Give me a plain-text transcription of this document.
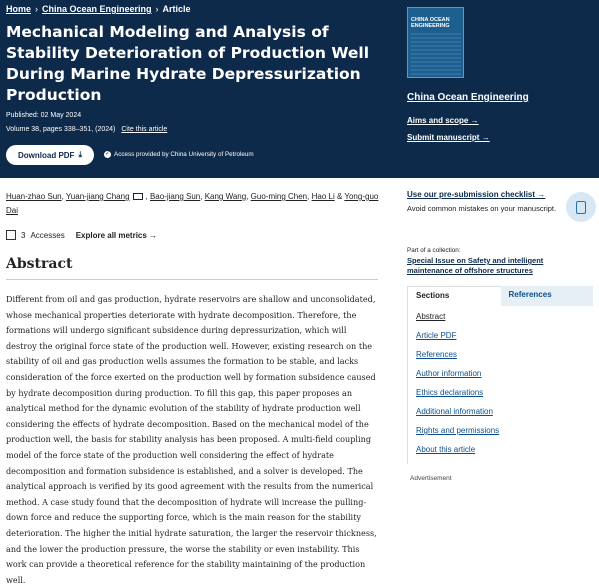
Home › China Ocean Engineering › Article
Mechanical Modeling and Analysis of Stability Deterioration of Production Well During Marine Hydrate Depressurization Production
Published: 02 May 2024
Volume 38, pages 338–351, (2024) Cite this article
Download PDF ⤓	✓ Access provided by China University of Petroleum
CHINA OCEAN ENGINEERING
China Ocean Engineering
Aims and scope →
Submit manuscript →
Huan-zhao Sun, Yuan-jiang Chang , Bao-jiang Sun, Kang Wang, Guo-ming Chen, Hao Li & Yong-guo Dai
3 Accesses Explore all metrics →
Abstract

Different from oil and gas production, hydrate reservoirs are shallow and unconsolidated, whose mechanical properties deteriorate with hydrate decomposition. Therefore, the formations will undergo significant subsidence during depressurization, which will destroy the original force state of the production well. However, existing research on the stability of oil and gas production wells assumes the formation to be stable, and lacks consideration of the force exerted on the production well by formation subsidence caused by hydrate decomposition during production. To fill this gap, this paper proposes an analytical method for the dynamic evolution of the stability of hydrate production well considering the effects of hydrate decomposition. Based on the mechanical model of the production well, the basis for stability analysis has been proposed. A multi-field coupling model of the force state of the production well considering the effect of hydrate decomposition and formation subsidence is established, and a solver is developed. The analytical approach is verified by its good agreement with the results from the numerical method. A case study found that the decomposition of hydrate will increase the pulling-down force and reduce the supporting force, which is the main reason for the stability deterioration. The higher the initial hydrate saturation, the larger the reservoir thickness, and the lower the production pressure, the worse the stability or even instability. This work can provide a theoretical reference for the stability maintaining of the production well.

Use our pre-submission checklist →
Avoid common mistakes on your manuscript.
Part of a collection:
Special Issue on Safety and intelligent maintenance of offshore structures
Sections	References
Abstract
Article PDF
References
Author information
Ethics declarations
Additional information
Rights and permissions
About this article
Advertisement
